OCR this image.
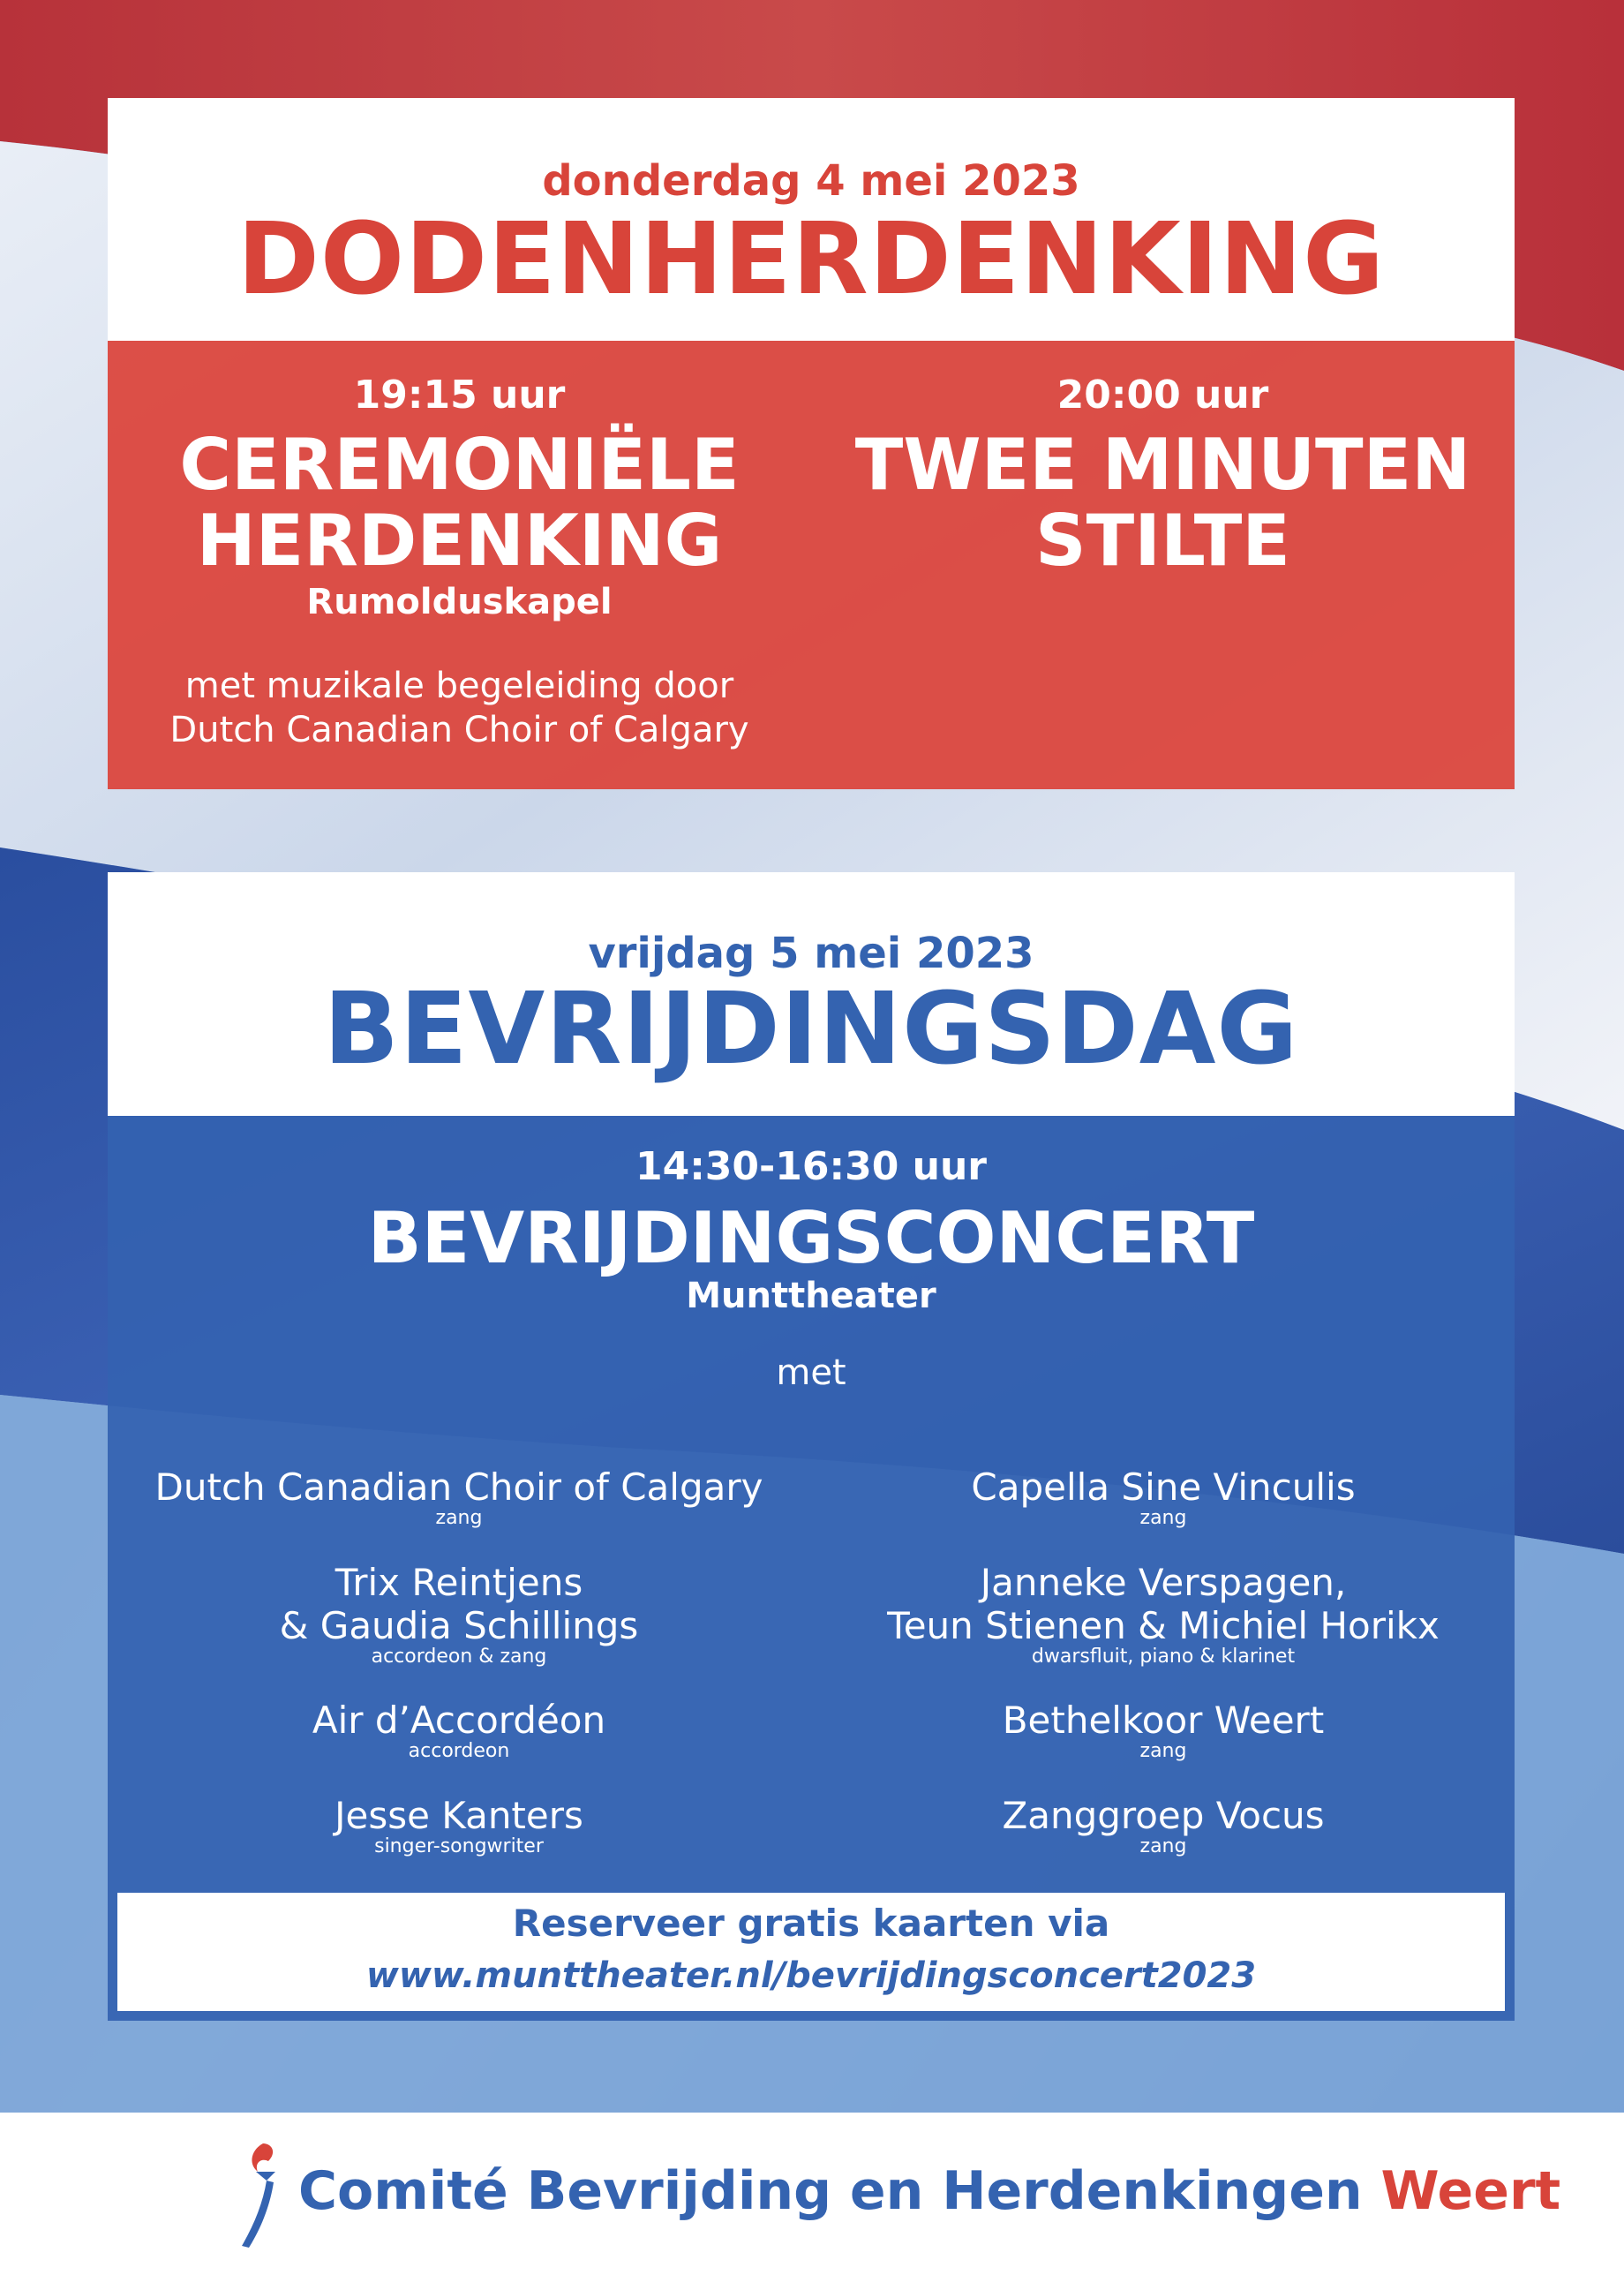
donderdag 4 mei 2023
DODENHERDENKING
19:15 uur
CEREMONIËLE
HERDENKING
Rumolduskapel
met muzikale begeleiding door
Dutch Canadian Choir of Calgary
20:00 uur
TWEE MINUTEN
STILTE
vrijdag 5 mei 2023
BEVRIJDINGSDAG
14:30-16:30 uur
BEVRIJDINGSCONCERT
Munttheater
met
Dutch Canadian Choir of Calgary
zang
Capella Sine Vinculis
zang
Trix Reintjens
& Gaudia Schillings
accordeon & zang
Janneke Verspagen,
Teun Stienen & Michiel Horikx
dwarsfluit, piano & klarinet
Air d’Accordéon
accordeon
Bethelkoor Weert
zang
Jesse Kanters
singer-songwriter
Zanggroep Vocus
zang
Reserveer gratis kaarten via
www.munttheater.nl/bevrijdingsconcert2023
Comité Bevrijding en Herdenkingen Weert
